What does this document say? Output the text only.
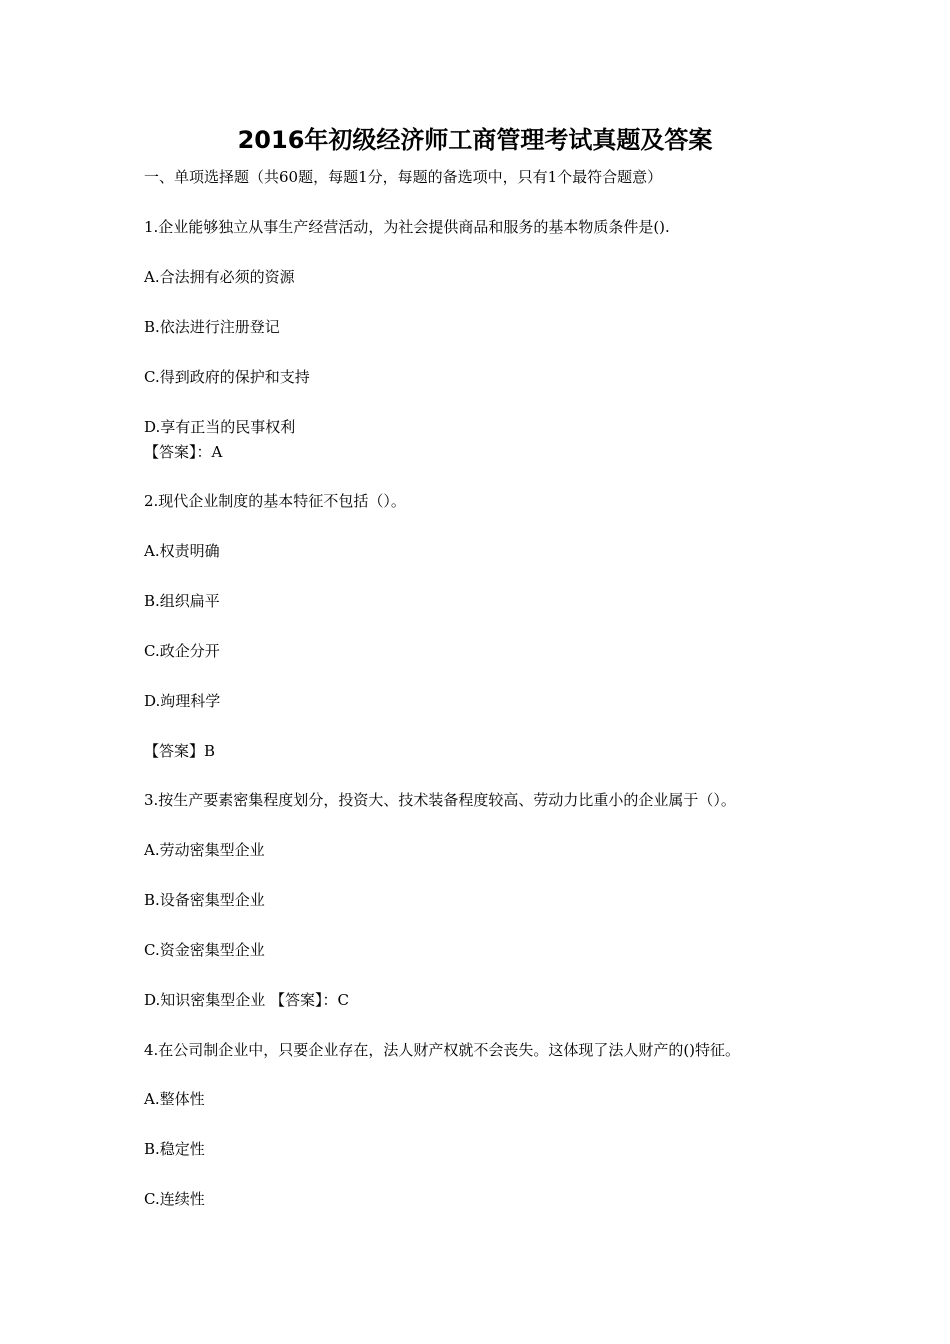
2016年初级经济师工商管理考试真题及答案
一、单项选择题（共60题，每题1分，每题的备选项中，只有1个最符合题意）
1.企业能够独立从事生产经营活动，为社会提供商品和服务的基本物质条件是().
A.合法拥有必须的资源
B.依法进行注册登记
C.得到政府的保护和支持
D.享有正当的民事权利
【答案】：A
2.现代企业制度的基本特征不包括（）。
A.权责明确
B.组织扁平
C.政企分开
D.竘理科学
【答案】B
3.按生产要素密集程度划分，投资大、技术装备程度较高、劳动力比重小的企业属于（）。
A.劳动密集型企业
B.设备密集型企业
C.资金密集型企业
D.知识密集型企业 【答案】：C
4.在公司制企业中，只要企业存在，法人财产权就不会丧失。这体现了法人财产的()特征。
A.整体性
B.稳定性
C.连续性
